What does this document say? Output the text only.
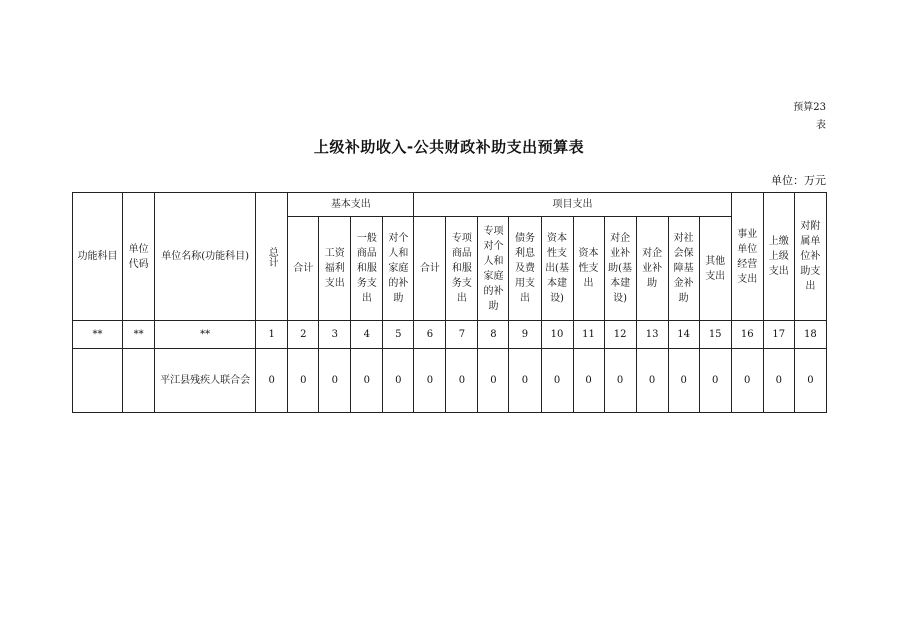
预算23
表
上级补助收入-公共财政补助支出预算表
单位：万元
功能科目	单位代码	单位名称(功能科目)	总计	基本支出				项目支出										事业单位经营支出	上缴上级支出	对附属单位补助支出
				合计	工资福利支出	一般商品和服务支出	对个人和家庭的补助	合计	专项商品和服务支出	专项对个人和家庭的补助	债务利息及费用支出	资本性支出(基本建设)	资本性支出	对企业补助(基本建设)	对企业补助	对社会保障基金补助	其他支出			
**	**	**	1	2	3	4	5	6	7	8	9	10	11	12	13	14	15	16	17	18
		平江县残疾人联合会	0	0	0	0	0	0	0	0	0	0	0	0	0	0	0	0	0	0
